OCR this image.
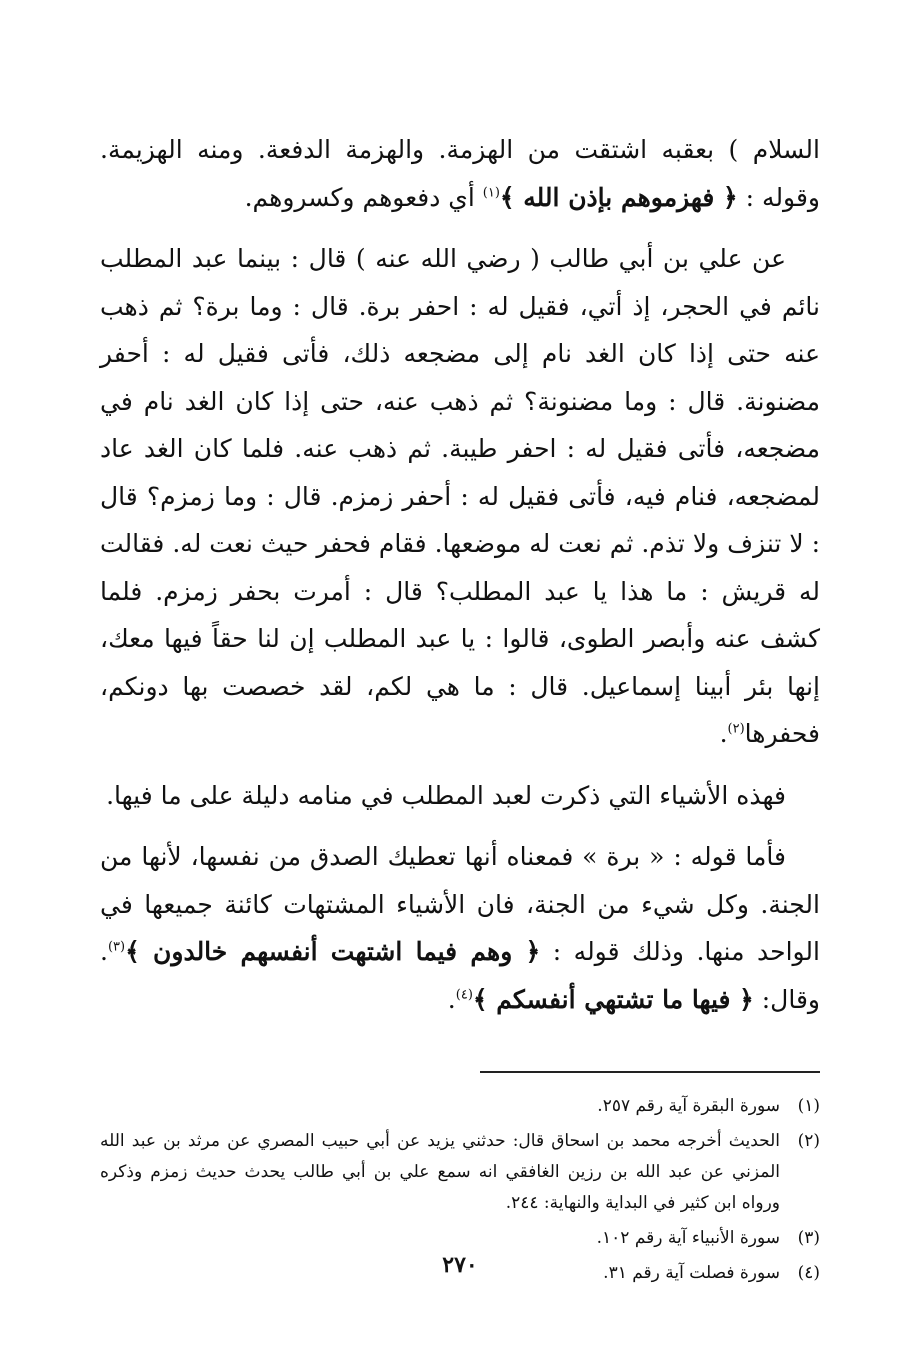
السلام ) بعقبه اشتقت من الهزمة. والهزمة الدفعة. ومنه الهزيمة. وقوله : ﴿ فهزموهم بإذن الله ﴾$^{(١)}$ أي دفعوهم وكسروهم.

عن علي بن أبي طالب ( رضي الله عنه ) قال : بينما عبد المطلب نائم في الحجر، إذ أتي، فقيل له : احفر برة. قال : وما برة؟ ثم ذهب عنه حتى إذا كان الغد نام إلى مضجعه ذلك، فأتى فقيل له : أحفر مضنونة. قال : وما مضنونة؟ ثم ذهب عنه، حتى إذا كان الغد نام في مضجعه، فأتى فقيل له : احفر طيبة. ثم ذهب عنه. فلما كان الغد عاد لمضجعه، فنام فيه، فأتى فقيل له : أحفر زمزم. قال : وما زمزم؟ قال : لا تنزف ولا تذم. ثم نعت له موضعها. فقام فحفر حيث نعت له. فقالت له قريش : ما هذا يا عبد المطلب؟ قال : أمرت بحفر زمزم. فلما كشف عنه وأبصر الطوى، قالوا : يا عبد المطلب إن لنا حقاً فيها معك، إنها بئر أبينا إسماعيل. قال : ما هي لكم، لقد خصصت بها دونكم، فحفرها$^{(٢)}$.

فهذه الأشياء التي ذكرت لعبد المطلب في منامه دليلة على ما فيها.

فأما قوله : « برة » فمعناه أنها تعطيك الصدق من نفسها، لأنها من الجنة. وكل شيء من الجنة، فان الأشياء المشتهات كائنة جميعها في الواحد منها. وذلك قوله : ﴿ وهم فيما اشتهت أنفسهم خالدون ﴾$^{(٣)}$. وقال: ﴿ فيها ما تشتهي أنفسكم ﴾$^{(٤)}$.

(١)سورة البقرة آية رقم ٢٥٧.
(٢)الحديث أخرجه محمد بن اسحاق قال: حدثني يزيد عن أبي حبيب المصري عن مرثد بن عبد الله المزني عن عبد الله بن رزين الغافقي انه سمع علي بن أبي طالب يحدث حديث زمزم وذكره ورواه ابن كثير في البداية والنهاية: ٢٤٤.
(٣)سورة الأنبياء آية رقم ١٠٢.
(٤)سورة فصلت آية رقم ٣١.
٢٧٠
